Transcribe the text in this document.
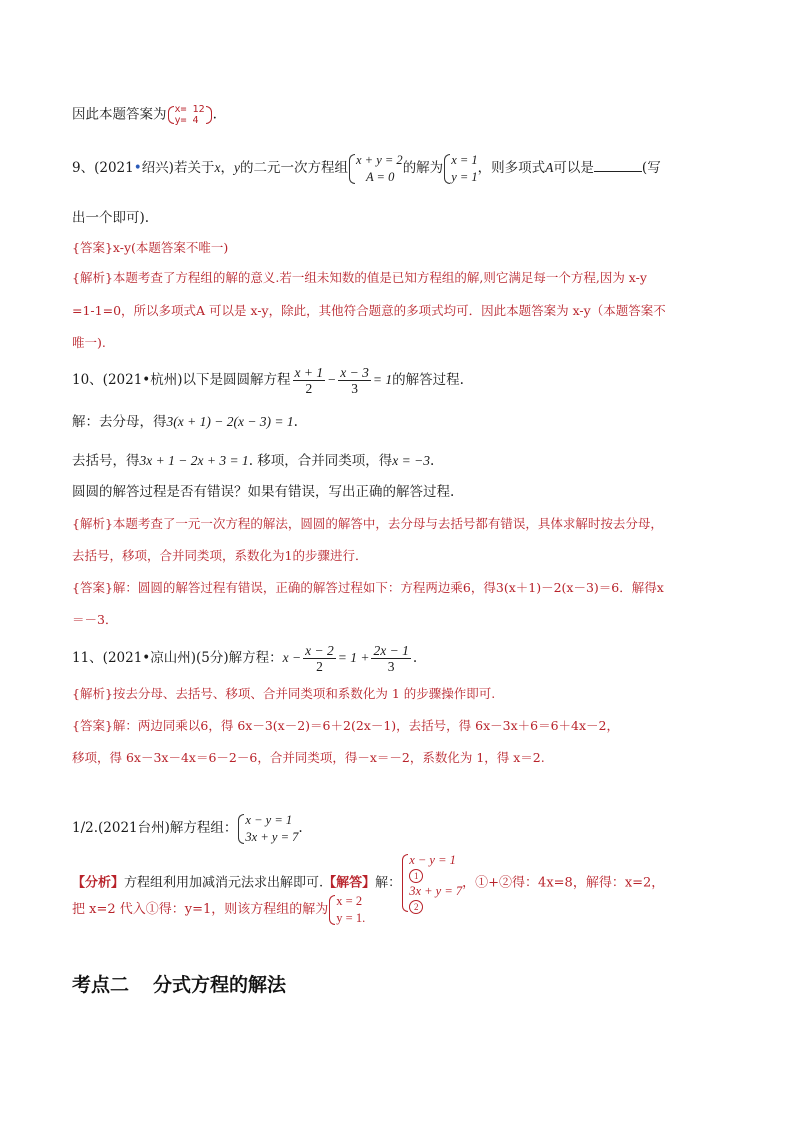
因此本题答案为 x= 12
y= 4	.
9、(2021•绍兴)若关于x，y的二元一次方程组
x + y = 2
A = 0
的解为
x = 1
y = 1
，则多项式A可以是	(写
出一个即可).
{答案}x-y(本题答案不唯一)
{解析}本题考查了方程组的解的意义.若一组未知数的值是已知方程组的解,则它满足每一个方程,因为 x-y
=1-1=0，所以多项式A 可以是 x-y，除此，其他符合题意的多项式均可．因此本题答案为 x-y（本题答案不
唯一).
10、(2021•杭州)以下是圆圆解方程 $\frac{x + 1}{2} - \frac{x - 3}{3} = 1$的解答过程.
解：去分母，得3(x + 1) − 2(x − 3) = 1.
去括号，得3x + 1 − 2x + 3 = 1. 移项，合并同类项，得x = −3.
圆圆的解答过程是否有错误？如果有错误，写出正确的解答过程.
{解析}本题考查了一元一次方程的解法，圆圆的解答中，去分母与去括号都有错误，具体求解时按去分母，
去括号，移项，合并同类项，系数化为1的步骤进行．
{答案}解：圆圆的解答过程有错误，正确的解答过程如下：方程两边乘6，得3(x＋1)－2(x－3)＝6．解得x
＝－3．
11、(2021•凉山州)(5分)解方程：$x - \frac{x - 2}{2} = 1 + \frac{2x - 1}{3}$ .
{解析}按去分母、去括号、移项、合并同类项和系数化为 1 的步骤操作即可.
{答案}解：两边同乘以6，得 6x－3(x－2)＝6＋2(2x－1)，去括号，得 6x－3x＋6＝6＋4x－2，
移项，得 6x－3x－4x＝6－2－6，合并同类项，得－x＝－2，系数化为 1，得 x＝2.
1/2.(2021台州)解方程组：
x − y = 1
3x + y = 7
.
【分析】方程组利用加减消元法求出解即可.【解答】解：
x − y = 1
1
3x + y = 7
2
，①+②得：4x=8，解得：x=2，
把 x=2 代入①得：y=1，则该方程组的解为
x = 2
y = 1.
考点二 分式方程的解法
